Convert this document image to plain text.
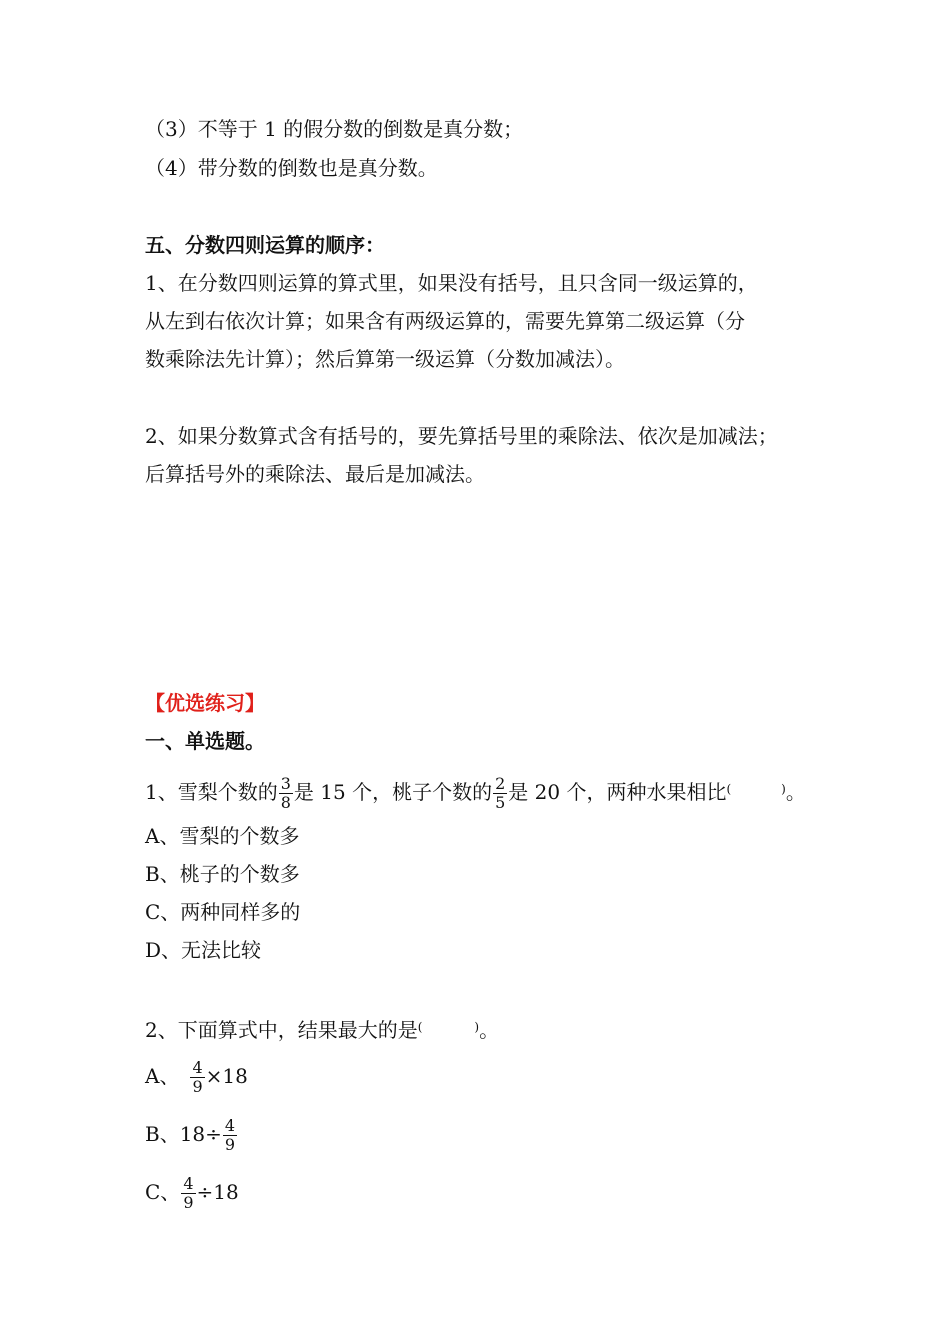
（3）不等于 1 的假分数的倒数是真分数；
（4）带分数的倒数也是真分数。
五、分数四则运算的顺序：
1、在分数四则运算的算式里，如果没有括号，且只含同一级运算的，
从左到右依次计算；如果含有两级运算的，需要先算第二级运算（分
数乘除法先计算）；然后算第一级运算（分数加减法）。
2、如果分数算式含有括号的，要先算括号里的乘除法、依次是加减法；
后算括号外的乘除法、最后是加减法。
【优选练习】
一、单选题。
1、雪梨个数的 $\frac{3}{8}$ 是 15 个，桃子个数的 $\frac{2}{5}$ 是 20 个，两种水果相比(	)。
A、雪梨的个数多
B、桃子的个数多
C、两种同样多的
D、无法比较
2、下面算式中，结果最大的是(	)。
A、 $\frac{4}{9} \times 18$
B、$18\div \frac{4}{9}$
C、 $\frac{4}{9} \div 18$
